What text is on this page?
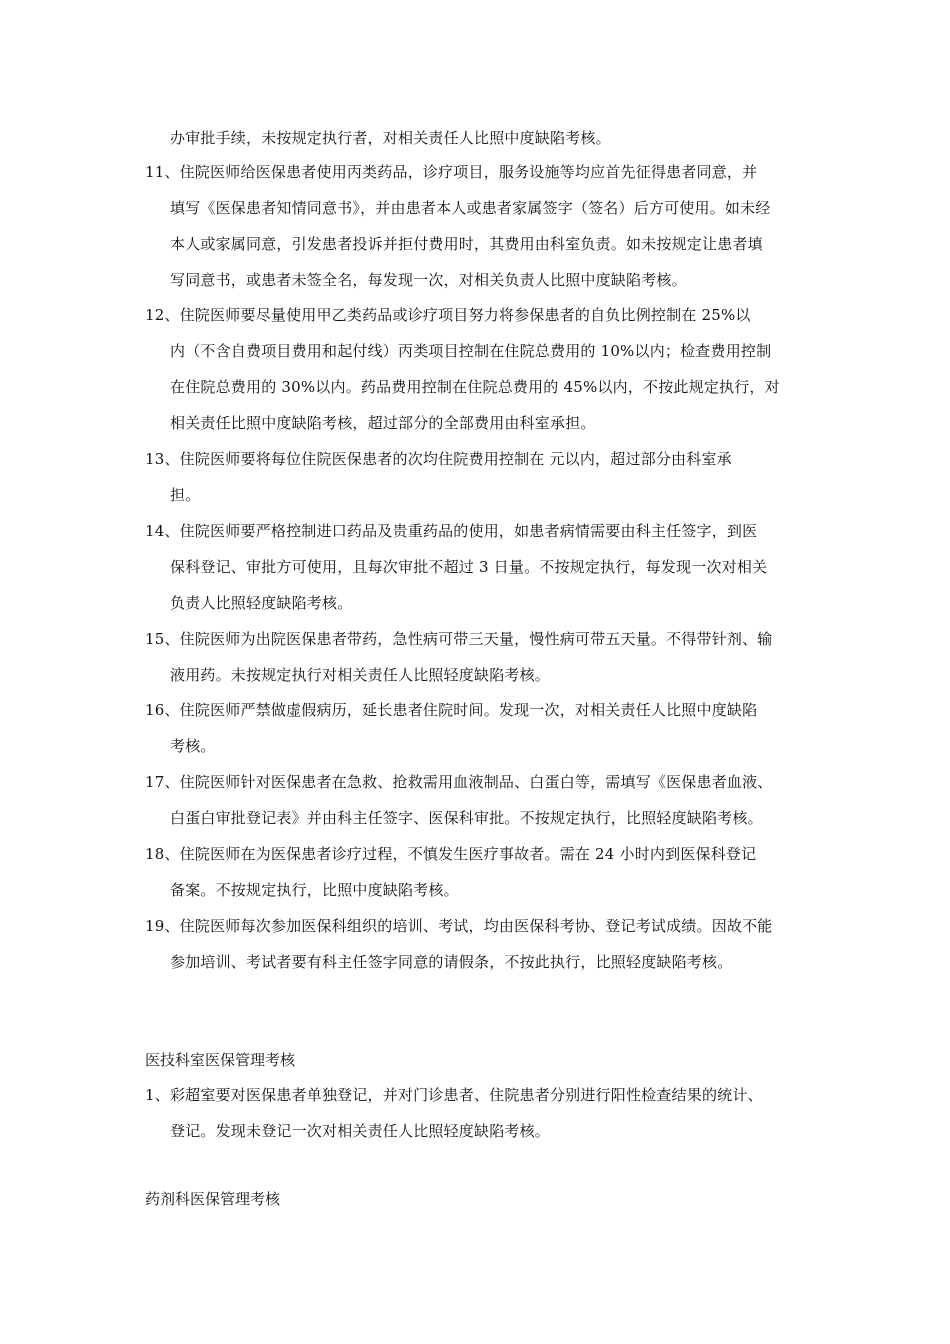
办审批手续，未按规定执行者，对相关责任人比照中度缺陷考核。
11、住院医师给医保患者使用丙类药品，诊疗项目，服务设施等均应首先征得患者同意，并
填写《医保患者知情同意书》，并由患者本人或患者家属签字（签名）后方可使用。如未经
本人或家属同意，引发患者投诉并拒付费用时，其费用由科室负责。如未按规定让患者填
写同意书，或患者未签全名，每发现一次，对相关负责人比照中度缺陷考核。
12、住院医师要尽量使用甲乙类药品或诊疗项目努力将参保患者的自负比例控制在 25%以
内（不含自费项目费用和起付线）丙类项目控制在住院总费用的 10%以内；检查费用控制
在住院总费用的 30%以内。药品费用控制在住院总费用的 45%以内，不按此规定执行，对
相关责任比照中度缺陷考核，超过部分的全部费用由科室承担。
13、住院医师要将每位住院医保患者的次均住院费用控制在 元以内，超过部分由科室承
担。
14、住院医师要严格控制进口药品及贵重药品的使用，如患者病情需要由科主任签字，到医
保科登记、审批方可使用，且每次审批不超过 3 日量。不按规定执行，每发现一次对相关
负责人比照轻度缺陷考核。
15、住院医师为出院医保患者带药，急性病可带三天量，慢性病可带五天量。不得带针剂、输
液用药。未按规定执行对相关责任人比照轻度缺陷考核。
16、住院医师严禁做虚假病历，延长患者住院时间。发现一次，对相关责任人比照中度缺陷
考核。
17、住院医师针对医保患者在急救、抢救需用血液制品、白蛋白等，需填写《医保患者血液、
白蛋白审批登记表》并由科主任签字、医保科审批。不按规定执行，比照轻度缺陷考核。
18、住院医师在为医保患者诊疗过程，不慎发生医疗事故者。需在 24 小时内到医保科登记
备案。不按规定执行，比照中度缺陷考核。
19、住院医师每次参加医保科组织的培训、考试，均由医保科考协、登记考试成绩。因故不能
参加培训、考试者要有科主任签字同意的请假条，不按此执行，比照轻度缺陷考核。
医技科室医保管理考核
1、彩超室要对医保患者单独登记，并对门诊患者、住院患者分别进行阳性检查结果的统计、
登记。发现未登记一次对相关责任人比照轻度缺陷考核。
药剂科医保管理考核
